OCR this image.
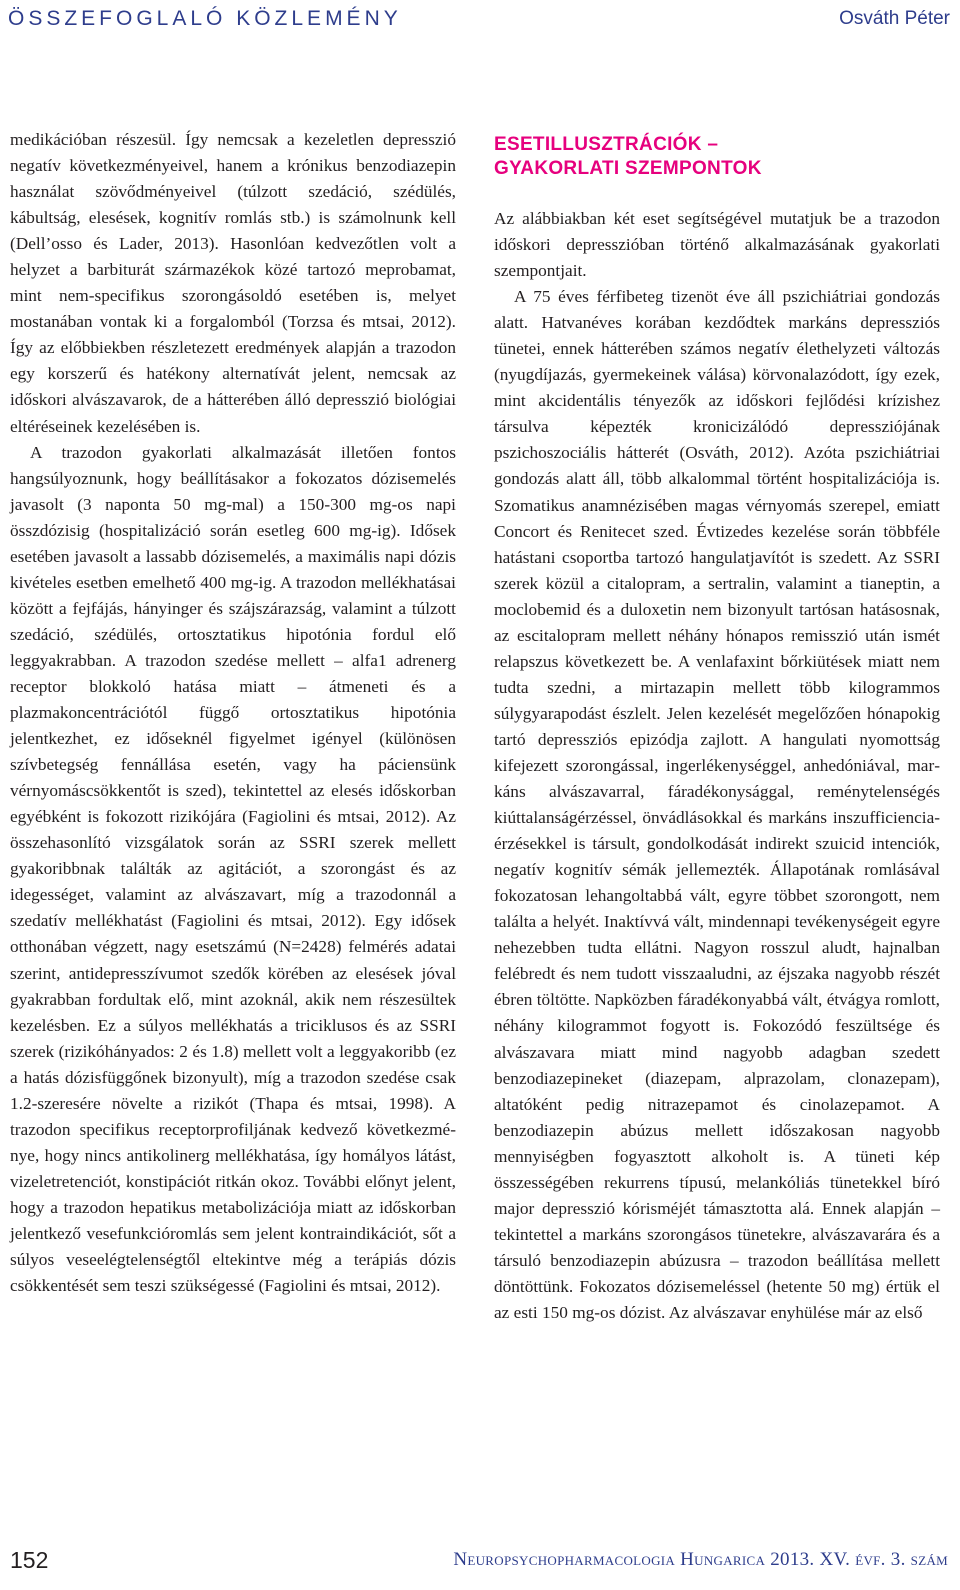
ÖSSZEFOGLALÓ KÖZLEMÉNY	Osváth Péter

medikációban részesül. Így nemcsak a kezeletlen depresszió negatív következményeivel, hanem a krónikus benzodiazepin használat szövődményeivel (túlzott szedáció, szédülés, kábultság, elesések, kognitív romlás stb.) is számolnunk kell (Dell’osso és Lader, 2013). Hasonlóan kedvezőtlen volt a helyzet a barbiturát származékok közé tartozó meprobamat, mint nem-specifikus szorongásoldó esetében is, melyet mostanában vontak ki a forgalomból (Torzsa és mtsai, 2012). Így az előbbiekben részletezett eredmények alapján a trazodon egy korszerű és hatékony alternatívát jelent, nemcsak az időskori alvászavarok, de a hátterében álló depresszió biológiai eltéréseinek kezelésében is.

A trazodon gyakorlati alkalmazását illetően fontos hangsúlyoznunk, hogy beállításakor a fokozatos dózisemelés javasolt (3 naponta 50 mg-mal) a 150-300 mg-os napi összdózisig (hospitalizáció során esetleg 600 mg-ig). Idősek esetében javasolt a lassabb dózisemelés, a maximális napi dózis kivételes esetben emelhető 400 mg-ig. A trazodon mellékhatásai között a fejfájás, hányinger és szájszárazság, valamint a túlzott szedáció, szédülés, ortosztatikus hipotónia fordul elő leggyakrabban. A trazodon szedése mellett – alfa1 adrenerg receptor blokkoló hatása miatt – átmeneti és a plazmakoncentrációtól függő ortosztatikus hipotónia jelentkezhet, ez időseknél figyelmet igényel (különösen szívbetegség fennállása esetén, vagy ha páciensünk vérnyomáscsökkentőt is szed), tekintettel az elesés időskorban egyébként is fokozott rizikójára (Fagiolini és mtsai, 2012). Az összehasonlító vizsgálatok során az SSRI szerek mellett gyakoribbnak találták az agitációt, a szorongást és az idegességet, valamint az alvászavart, míg a trazodonnál a szedatív mellékhatást (Fagiolini és mtsai, 2012). Egy idősek otthonában végzett, nagy esetszámú (N=2428) felmérés adatai szerint, antidepresszívumot szedők körében az elesések jóval gyakrabban fordultak elő, mint azoknál, akik nem részesültek kezelésben. Ez a súlyos mellékhatás a triciklusos és az SSRI szerek (rizikóhányados: 2 és 1.8) mellett volt a leggyakoribb (ez a hatás dózisfüggőnek bizonyult), míg a trazodon szedése csak 1.2-szeresére növelte a rizikót (Thapa és mtsai, 1998). A trazodon specifikus receptorprofiljának kedvező következménye, hogy nincs antikolinerg mellékhatása, így homályos látást, vizeletretenciót, konstipációt ritkán okoz. További előnyt jelent, hogy a trazodon hepatikus metabolizációja miatt az időskorban jelentkező vesefunkcióromlás sem jelent kontraindikációt, sőt a súlyos veseelégtelenségtől eltekintve még a terápiás dózis csökkentését sem teszi szükségessé (Fagiolini és mtsai, 2012).

ESETILLUSZTRÁCIÓK –
GYAKORLATI SZEMPONTOK

Az alábbiakban két eset segítségével mutatjuk be a trazodon időskori depresszióban történő alkalmazásának gyakorlati szempontjait.

A 75 éves férfibeteg tizenöt éve áll pszichiátriai gondozás alatt. Hatvanéves korában kezdődtek markáns depressziós tünetei, ennek hátterében számos negatív élethelyzeti változás (nyugdíjazás, gyermekeinek válása) körvonalazódott, így ezek, mint akcidentális tényezők az időskori fejlődési krízishez társulva képezték kronicizálódó depressziójának pszichoszociális hátterét (Osváth, 2012). Azóta pszichiátriai gondozás alatt áll, több alkalommal történt hospitalizációja is. Szomatikus anamnézisében magas vérnyomás szerepel, emiatt Concort és Renitecet szed. Évtizedes kezelése során többféle hatástani csoportba tartozó hangulatjavítót is szedett. Az SSRI szerek közül a citalopram, a sertralin, valamint a tianeptin, a moclobemid és a duloxetin nem bizonyult tartósan hatásosnak, az escitalopram mellett néhány hónapos remisszió után ismét relapszus következett be. A venlafaxint bőrkiütések miatt nem tudta szedni, a mirtazapin mellett több kilogrammos súlygyarapodást észlelt. Jelen kezelését megelőzően hónapokig tartó depressziós epizódja zajlott. A hangulati nyomottság kifejezett szorongással, ingerlékenységgel, anhedóniával, markáns alvászavarral, fáradékonysággal, reménytelenségés kiúttalanságérzéssel, önvádlásokkal és markáns inszufficiencia-érzésekkel is társult, gondolkodását indirekt szuicid intenciók, negatív kognitív sémák jellemezték. Állapotának romlásával fokozatosan lehangoltabbá vált, egyre többet szorongott, nem találta a helyét. Inaktívvá vált, mindennapi tevékenységeit egyre nehezebben tudta ellátni. Nagyon rosszul aludt, hajnalban felébredt és nem tudott visszaaludni, az éjszaka nagyobb részét ébren töltötte. Napközben fáradékonyabbá vált, étvágya romlott, néhány kilogrammot fogyott is. Fokozódó feszültsége és alvászavara miatt mind nagyobb adagban szedett benzodiazepineket (diazepam, alprazolam, clonazepam), altatóként pedig nitrazepamot és cinolazepamot. A benzodiazepin abúzus mellett időszakosan nagyobb mennyiségben fogyasztott alkoholt is. A tüneti kép összességében rekurrens típusú, melankóliás tünetekkel bíró major depresszió kórisméjét támasztotta alá. Ennek alapján – tekintettel a markáns szorongásos tünetekre, alvászavarára és a társuló benzodiazepin abúzusra – trazodon beállítása mellett döntöttünk. Fokozatos dózisemeléssel (hetente 50 mg) értük el az esti 150 mg-os dózist. Az alvászavar enyhülése már az első

152	Neuropsychopharmacologia Hungarica 2013. XV. évf. 3. szám
